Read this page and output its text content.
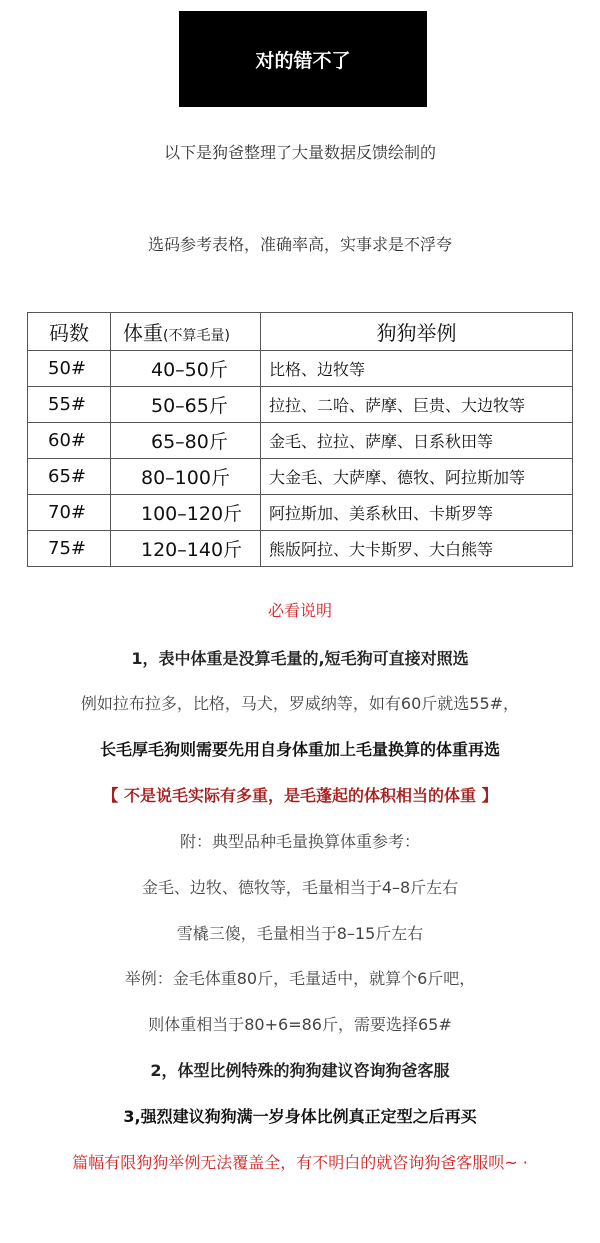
对的错不了
以下是狗爸整理了大量数据反馈绘制的
选码参考表格，准确率高，实事求是不浮夸
码数	体重(不算毛量)	狗狗举例
50#	40–50斤	比格、边牧等
55#	50–65斤	拉拉、二哈、萨摩、巨贵、大边牧等
60#	65–80斤	金毛、拉拉、萨摩、日系秋田等
65#	80–100斤	大金毛、大萨摩、德牧、阿拉斯加等
70#	100–120斤	阿拉斯加、美系秋田、卡斯罗等
75#	120–140斤	熊版阿拉、大卡斯罗、大白熊等
必看说明
1，表中体重是没算毛量的,短毛狗可直接对照选
例如拉布拉多，比格，马犬，罗威纳等，如有60斤就选55#，
长毛厚毛狗则需要先用自身体重加上毛量换算的体重再选
【 不是说毛实际有多重，是毛蓬起的体积相当的体重 】
附：典型品种毛量换算体重参考：
金毛、边牧、德牧等，毛量相当于4–8斤左右
雪橇三傻，毛量相当于8–15斤左右
举例：金毛体重80斤，毛量适中，就算个6斤吧，
则体重相当于80+6=86斤，需要选择65#
2，体型比例特殊的狗狗建议咨询狗爸客服
3,强烈建议狗狗满一岁身体比例真正定型之后再买
篇幅有限狗狗举例无法覆盖全，有不明白的就咨询狗爸客服呗~ ·
